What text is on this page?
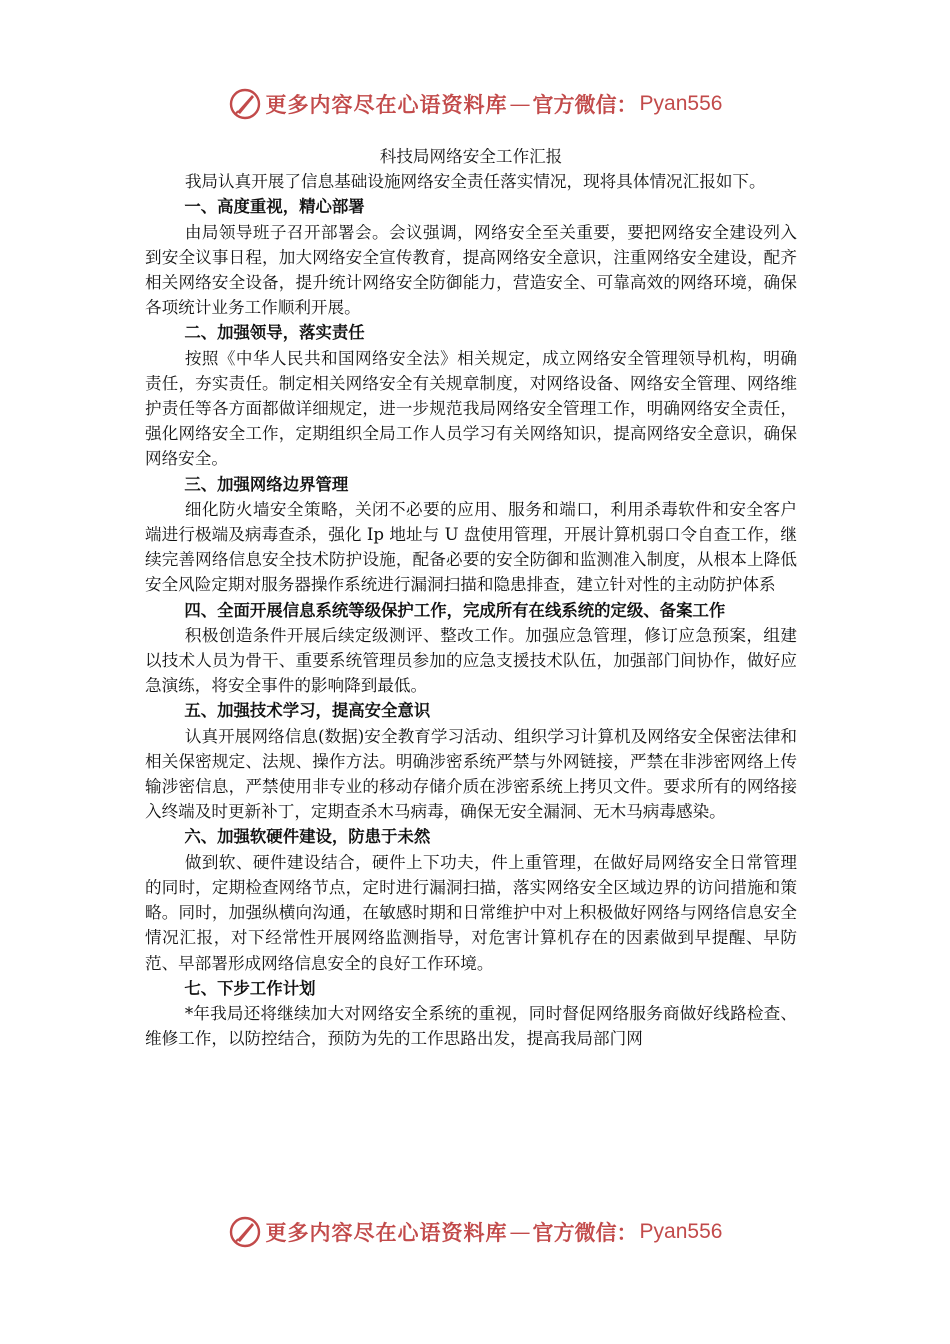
更多内容尽在心语资料库 — 官方微信： Pyan556

科技局网络安全工作汇报

我局认真开展了信息基础设施网络安全责任落实情况，现将具体情况汇报如下。

一、高度重视，精心部署

由局领导班子召开部署会。会议强调，网络安全至关重要，要把网络安全建设列入到安全议事日程，加大网络安全宣传教育，提高网络安全意识，注重网络安全建设，配齐相关网络安全设备，提升统计网络安全防御能力，营造安全、可靠高效的网络环境，确保各项统计业务工作顺利开展。

二、加强领导，落实责任

按照《中华人民共和国网络安全法》相关规定，成立网络安全管理领导机构，明确责任，夯实责任。制定相关网络安全有关规章制度，对网络设备、网络安全管理、网络维护责任等各方面都做详细规定，进一步规范我局网络安全管理工作，明确网络安全责任，强化网络安全工作，定期组织全局工作人员学习有关网络知识，提高网络安全意识，确保网络安全。

三、加强网络边界管理

细化防火墙安全策略，关闭不必要的应用、服务和端口，利用杀毒软件和安全客户端进行极端及病毒查杀，强化 Ip 地址与 U 盘使用管理，开展计算机弱口令自查工作，继续完善网络信息安全技术防护设施，配备必要的安全防御和监测准入制度，从根本上降低安全风险定期对服务器操作系统进行漏洞扫描和隐患排查，建立针对性的主动防护体系

四、全面开展信息系统等级保护工作，完成所有在线系统的定级、备案工作

积极创造条件开展后续定级测评、整改工作。加强应急管理，修订应急预案，组建以技术人员为骨干、重要系统管理员参加的应急支援技术队伍，加强部门间协作，做好应急演练，将安全事件的影响降到最低。

五、加强技术学习，提高安全意识

认真开展网络信息(数据)安全教育学习活动、组织学习计算机及网络安全保密法律和相关保密规定、法规、操作方法。明确涉密系统严禁与外网链接，严禁在非涉密网络上传输涉密信息，严禁使用非专业的移动存储介质在涉密系统上拷贝文件。要求所有的网络接入终端及时更新补丁，定期查杀木马病毒，确保无安全漏洞、无木马病毒感染。

六、加强软硬件建设，防患于未然

做到软、硬件建设结合，硬件上下功夫，件上重管理，在做好局网络安全日常管理的同时，定期检查网络节点，定时进行漏洞扫描，落实网络安全区域边界的访问措施和策略。同时，加强纵横向沟通，在敏感时期和日常维护中对上积极做好网络与网络信息安全情况汇报，对下经常性开展网络监测指导，对危害计算机存在的因素做到早提醒、早防范、早部署形成网络信息安全的良好工作环境。

七、下步工作计划

*年我局还将继续加大对网络安全系统的重视，同时督促网络服务商做好线路检查、维修工作，以防控结合，预防为先的工作思路出发，提高我局部门网

更多内容尽在心语资料库 — 官方微信： Pyan556
